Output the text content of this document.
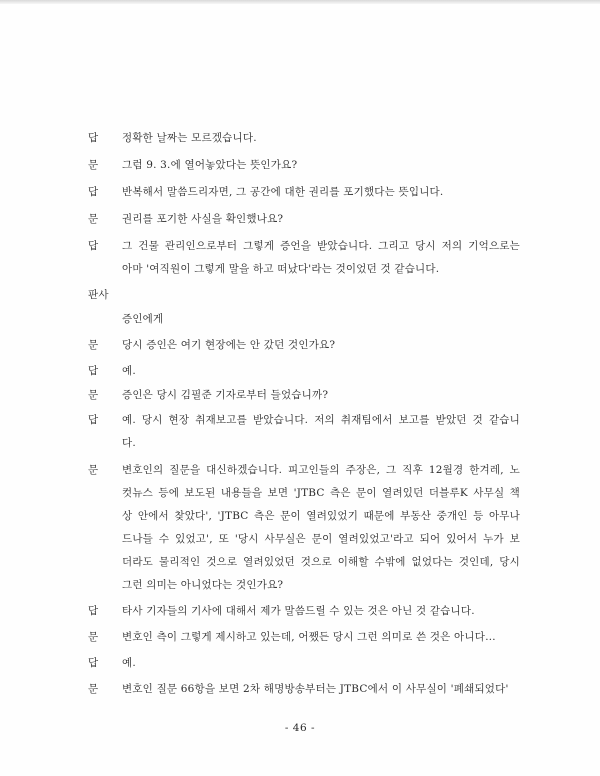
답 정확한 날짜는 모르겠습니다.
문 그럼 9. 3.에 열어놓았다는 뜻인가요?
답 반복해서 말씀드리자면, 그 공간에 대한 권리를 포기했다는 뜻입니다.
문 권리를 포기한 사실을 확인했나요?
답 그 건물 관리인으로부터 그렇게 증언을 받았습니다. 그리고 당시 저의 기억으로는
아마 '여직원이 그렇게 말을 하고 떠났다'라는 것이었던 것 같습니다.
판사
증인에게
문 당시 증인은 여기 현장에는 안 갔던 것인가요?
답 예.
문 증인은 당시 김필준 기자로부터 들었습니까?
답 예. 당시 현장 취재보고를 받았습니다. 저의 취재팀에서 보고를 받았던 것 같습니
다.
문 변호인의 질문을 대신하겠습니다. 피고인들의 주장은, 그 직후 12월경 한겨레, 노
컷뉴스 등에 보도된 내용들을 보면 'JTBC 측은 문이 열려있던 더블루K 사무실 책
상 안에서 찾았다', 'JTBC 측은 문이 열려있었기 때문에 부동산 중개인 등 아무나
드나들 수 있었고', 또 '당시 사무실은 문이 열려있었고'라고 되어 있어서 누가 보
더라도 물리적인 것으로 열려있었던 것으로 이해할 수밖에 없었다는 것인데, 당시
그런 의미는 아니었다는 것인가요?
답 타사 기자들의 기사에 대해서 제가 말씀드릴 수 있는 것은 아닌 것 같습니다.
문 변호인 측이 그렇게 제시하고 있는데, 어쨌든 당시 그런 의미로 쓴 것은 아니다…
답 예.
문 변호인 질문 66항을 보면 2차 해명방송부터는 JTBC에서 이 사무실이 '폐쇄되었다'
- 46 -
